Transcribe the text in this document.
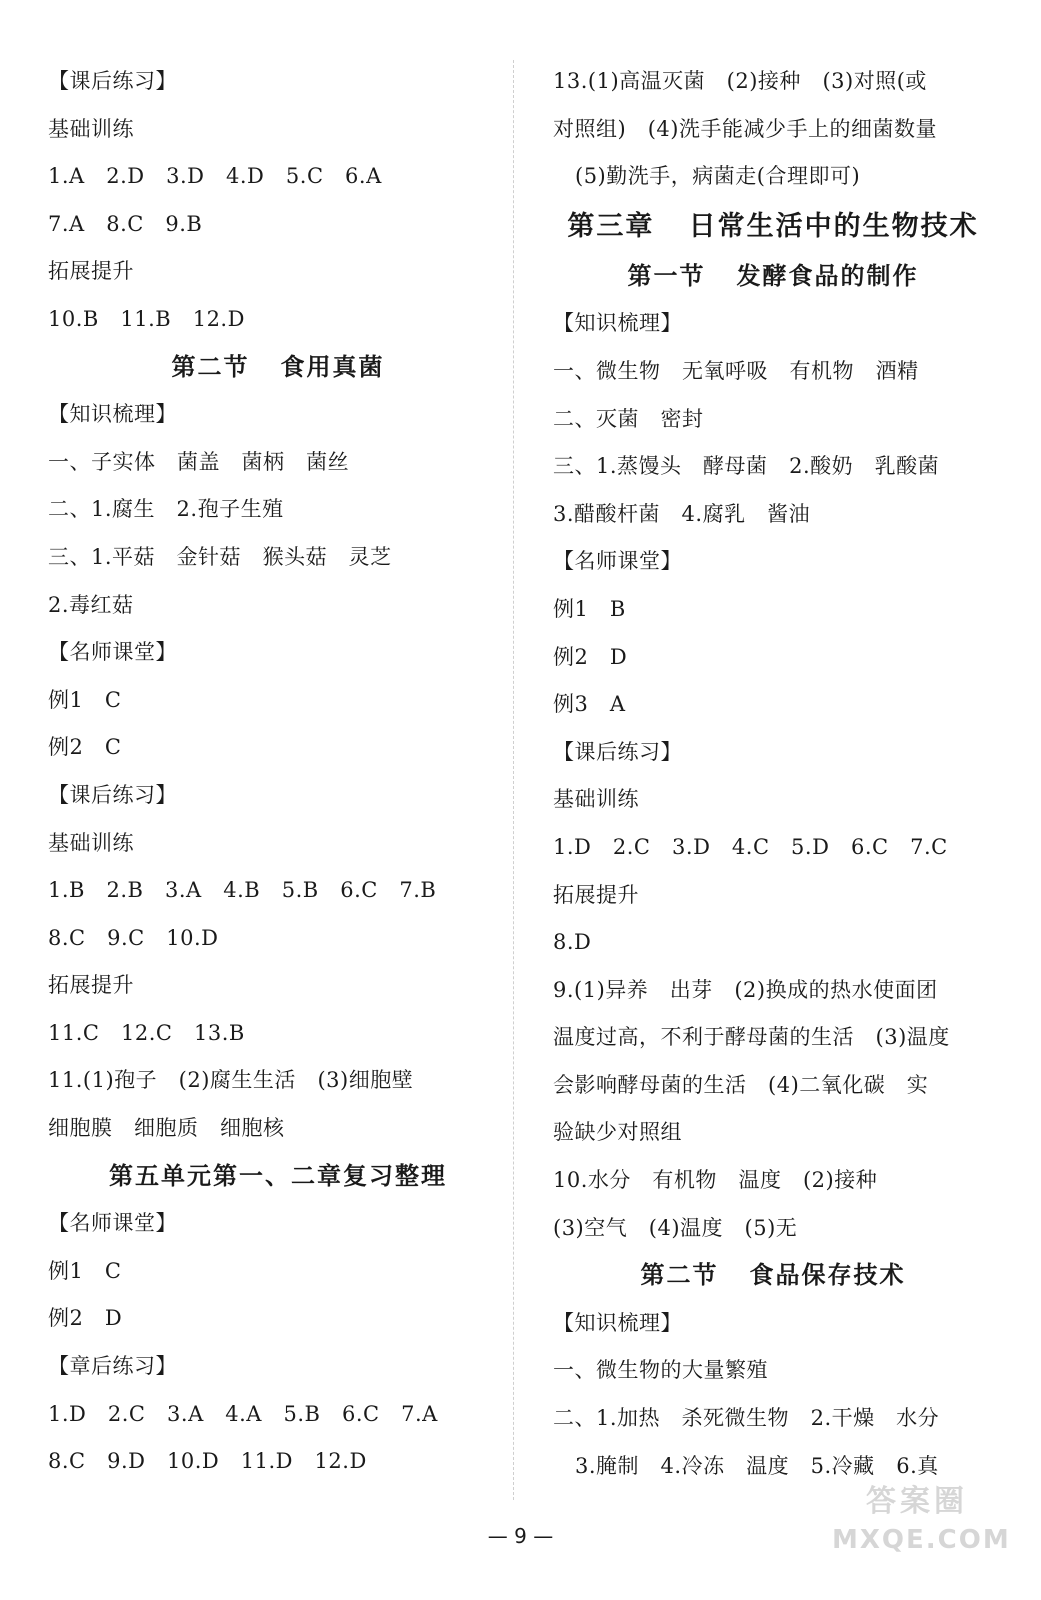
【课后练习】
基础训练
1.A   2.D   3.D   4.D   5.C   6.A
7.A   8.C   9.B
拓展提升
10.B   11.B   12.D
第二节   食用真菌
【知识梳理】
一、子实体   菌盖   菌柄   菌丝
二、1.腐生   2.孢子生殖
三、1.平菇   金针菇   猴头菇   灵芝
2.毒红菇
【名师课堂】
例1   C
例2   C
【课后练习】
基础训练
1.B   2.B   3.A   4.B   5.B   6.C   7.B
8.C   9.C   10.D
拓展提升
11.C   12.C   13.B
11.(1)孢子   (2)腐生生活   (3)细胞壁
细胞膜   细胞质   细胞核
第五单元第一、二章复习整理
【名师课堂】
例1   C
例2   D
【章后练习】
1.D   2.C   3.A   4.A   5.B   6.C   7.A
8.C   9.D   10.D   11.D   12.D
13.(1)高温灭菌   (2)接种   (3)对照(或
对照组)   (4)洗手能减少手上的细菌数量
(5)勤洗手，病菌走(合理即可)
第三章   日常生活中的生物技术
第一节   发酵食品的制作
【知识梳理】
一、微生物   无氧呼吸   有机物   酒精
二、灭菌   密封
三、1.蒸馒头   酵母菌   2.酸奶   乳酸菌
3.醋酸杆菌   4.腐乳   酱油
【名师课堂】
例1   B
例2   D
例3   A
【课后练习】
基础训练
1.D   2.C   3.D   4.C   5.D   6.C   7.C
拓展提升
8.D
9.(1)异养   出芽   (2)换成的热水使面团
温度过高，不利于酵母菌的生活   (3)温度
会影响酵母菌的生活   (4)二氧化碳   实
验缺少对照组
10.水分   有机物   温度   (2)接种
(3)空气   (4)温度   (5)无
第二节   食品保存技术
【知识梳理】
一、微生物的大量繁殖
二、1.加热   杀死微生物   2.干燥   水分
3.腌制   4.冷冻   温度   5.冷藏   6.真
— 9 —
答案圈
MXQE.COM
